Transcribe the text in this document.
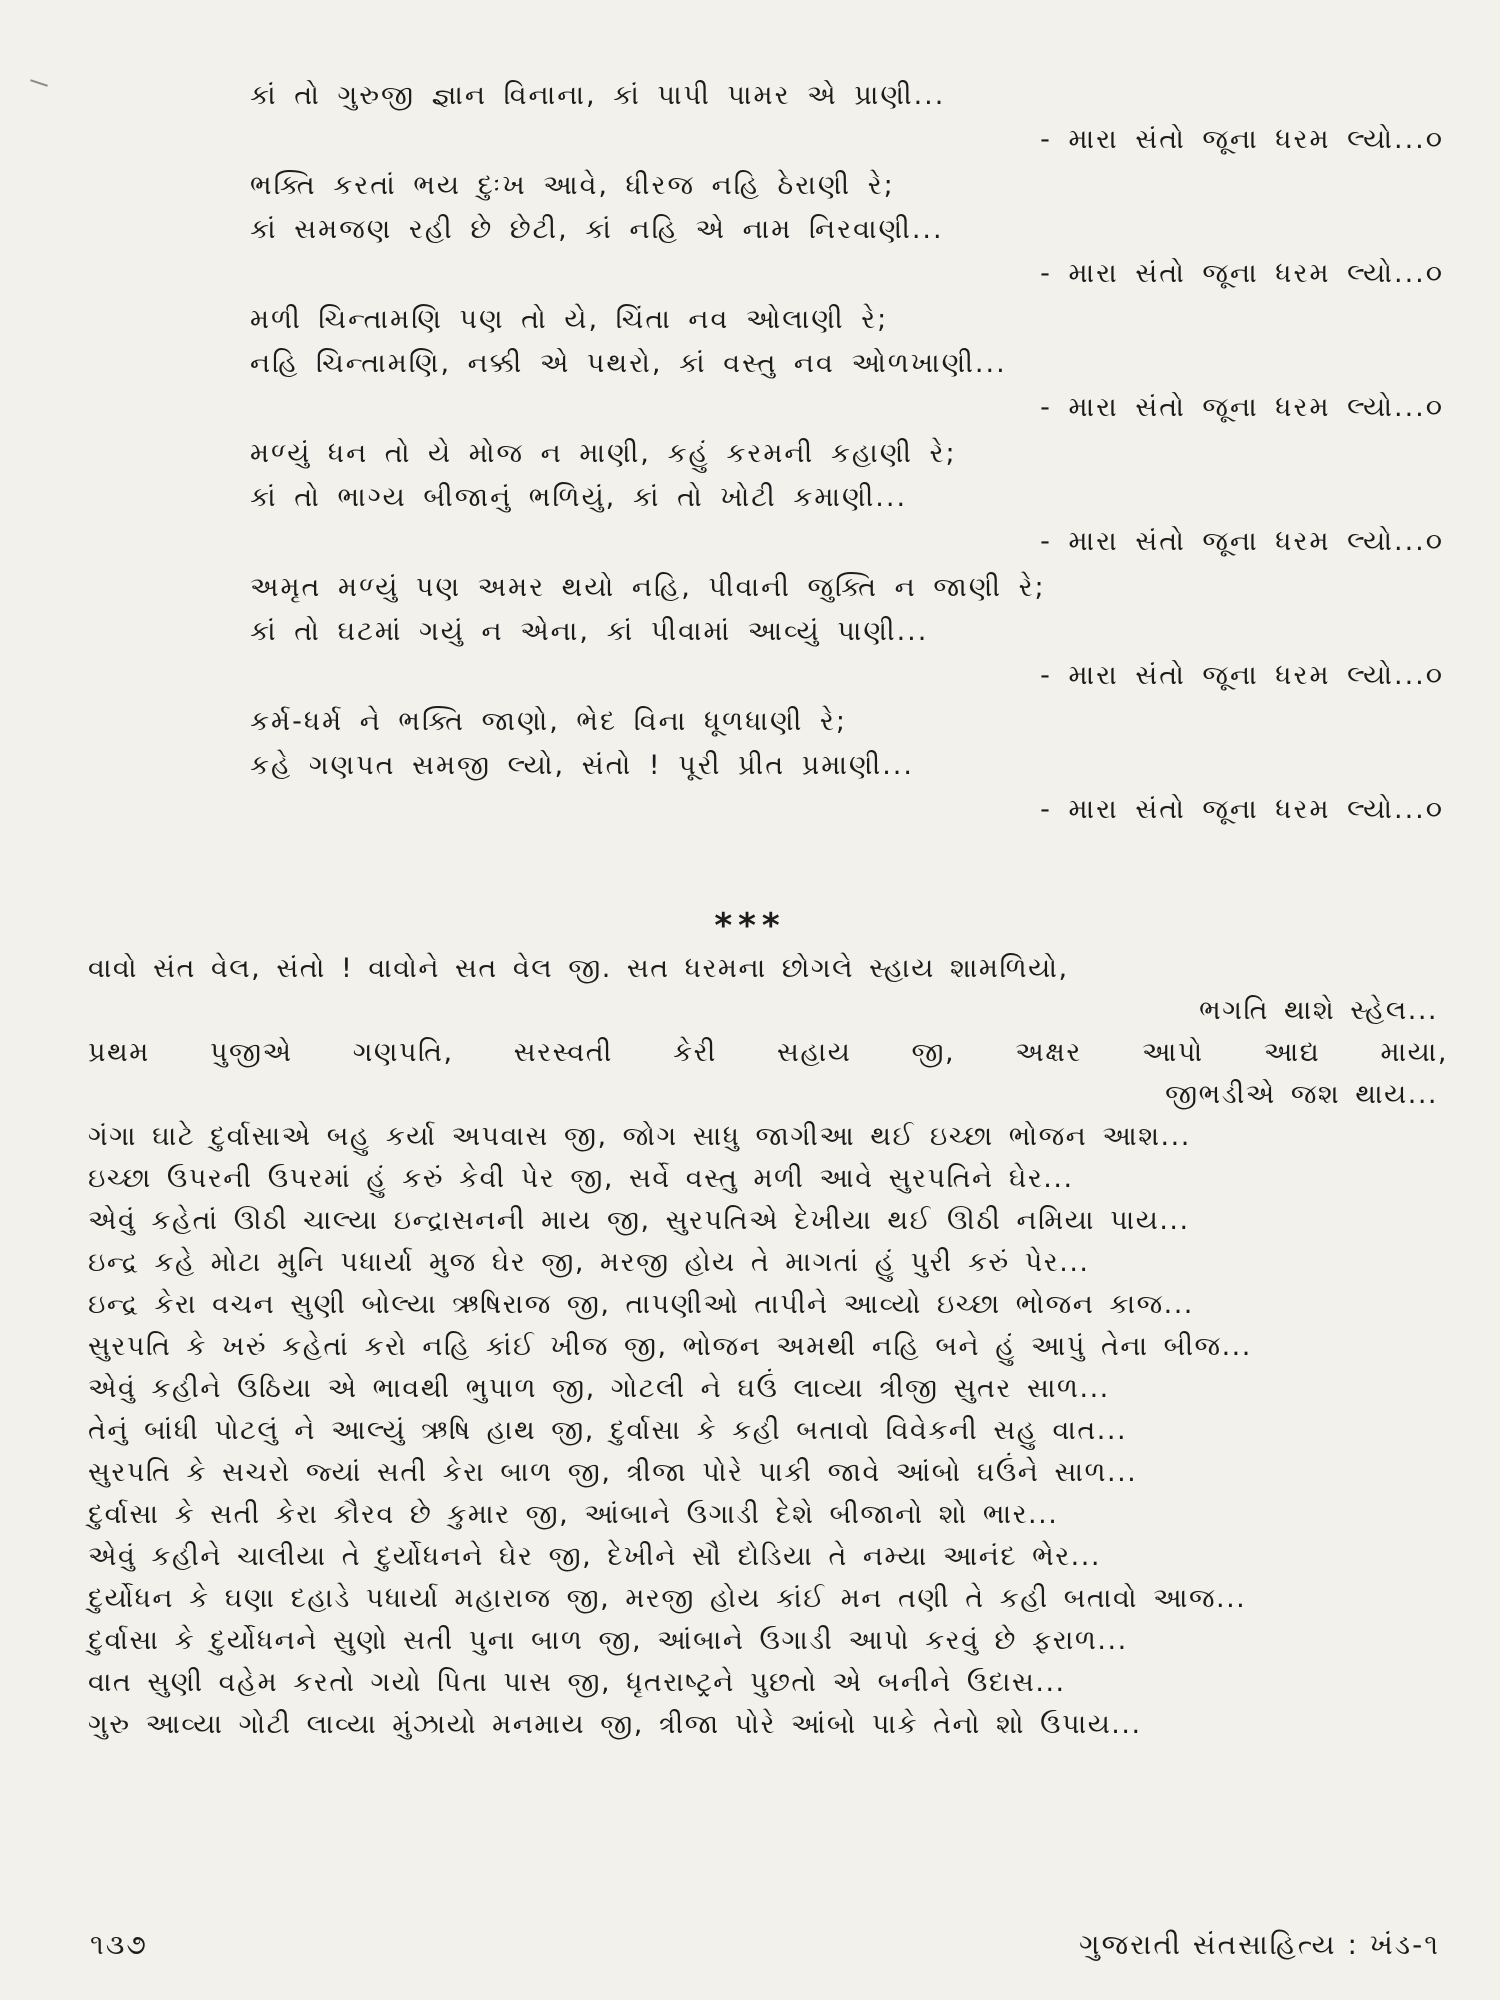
કાં તો ગુરુજી જ્ઞાન વિનાના, કાં પાપી પામર એ પ્રાણી...
- મારા સંતો જૂના ધરમ લ્યો...૦
ભક્તિ કરતાં ભય દુઃખ આવે, ધીરજ નહિ ઠેરાણી રે;
કાં સમજણ રહી છે છેટી, કાં નહિ એ નામ નિરવાણી...
- મારા સંતો જૂના ધરમ લ્યો...૦
મળી ચિન્તામણિ પણ તો યે, ચિંતા નવ ઓલાણી રે;
નહિ ચિન્તામણિ, નક્કી એ પથરો, કાં વસ્તુ નવ ઓળખાણી...
- મારા સંતો જૂના ધરમ લ્યો...૦
મળ્યું ધન તો યે મોજ ન માણી, કહું કરમની કહાણી રે;
કાં તો ભાગ્ય બીજાનું ભળિયું, કાં તો ખોટી કમાણી...
- મારા સંતો જૂના ધરમ લ્યો...૦
અમૃત મળ્યું પણ અમર થયો નહિ, પીવાની જુક્તિ ન જાણી રે;
કાં તો ઘટમાં ગયું ન એના, કાં પીવામાં આવ્યું પાણી...
- મારા સંતો જૂના ધરમ લ્યો...૦
કર્મ-ધર્મ ને ભક્તિ જાણો, ભેદ વિના ધૂળધાણી રે;
કહે ગણપત સમજી લ્યો, સંતો ! પૂરી પ્રીત પ્રમાણી...
- મારા સંતો જૂના ધરમ લ્યો...૦
***
વાવો સંત વેલ, સંતો ! વાવોને સત વેલ જી. સત ધરમના છોગલે સ્હાય શામળિયો,
ભગતિ થાશે સ્હેલ...
પ્રથમ પુજીએ ગણપતિ, સરસ્વતી કેરી સહાય જી, અક્ષર આપો આદ્ય માયા,
જીભડીએ જશ થાય...
ગંગા ઘાટે દુર્વાસાએ બહુ કર્યા અપવાસ જી, જોગ સાધુ જાગીઆ થઈ ઇચ્છા ભોજન આશ...
ઇચ્છા ઉપરની ઉપરમાં હું કરું કેવી પેર જી, સર્વે વસ્તુ મળી આવે સુરપતિને ઘેર...
એવું કહેતાં ઊઠી ચાલ્યા ઇન્દ્રાસનની માય જી, સુરપતિએ દેખીયા થઈ ઊઠી નમિયા પાય...
ઇન્દ્ર કહે મોટા મુનિ પધાર્યા મુજ ઘેર જી, મરજી હોય તે માગતાં હું પુરી કરું પેર...
ઇન્દ્ર કેરા વચન સુણી બોલ્યા ઋષિરાજ જી, તાપણીઓ તાપીને આવ્યો ઇચ્છા ભોજન કાજ...
સુરપતિ કે ખરું કહેતાં કરો નહિ કાંઈ ખીજ જી, ભોજન અમથી નહિ બને હું આપું તેના બીજ...
એવું કહીને ઉઠિયા એ ભાવથી ભુપાળ જી, ગોટલી ને ઘઉં લાવ્યા ત્રીજી સુતર સાળ...
તેનું બાંધી પોટલું ને આલ્યું ઋષિ હાથ જી, દુર્વાસા કે કહી બતાવો વિવેકની સહુ વાત...
સુરપતિ કે સચરો જ્યાં સતી કેરા બાળ જી, ત્રીજા પોરે પાકી જાવે આંબો ઘઉંને સાળ...
દુર્વાસા કે સતી કેરા કૌરવ છે કુમાર જી, આંબાને ઉગાડી દેશે બીજાનો શો ભાર...
એવું કહીને ચાલીયા તે દુર્યોધનને ઘેર જી, દેખીને સૌ દોડિયા તે નમ્યા આનંદ ભેર...
દુર્યોધન કે ઘણા દહાડે પધાર્યા મહારાજ જી, મરજી હોય કાંઈ મન તણી તે કહી બતાવો આજ...
દુર્વાસા કે દુર્યોધનને સુણો સતી પુના બાળ જી, આંબાને ઉગાડી આપો કરવું છે ફરાળ...
વાત સુણી વહેમ કરતો ગયો પિતા પાસ જી, ધૃતરાષ્ટ્રને પુછતો એ બનીને ઉદાસ...
ગુરુ આવ્યા ગોટી લાવ્યા મુંઝાયો મનમાય જી, ત્રીજા પોરે આંબો પાકે તેનો શો ઉપાય...
૧૩૭	ગુજરાતી સંતસાહિત્ય : ખંડ-૧
